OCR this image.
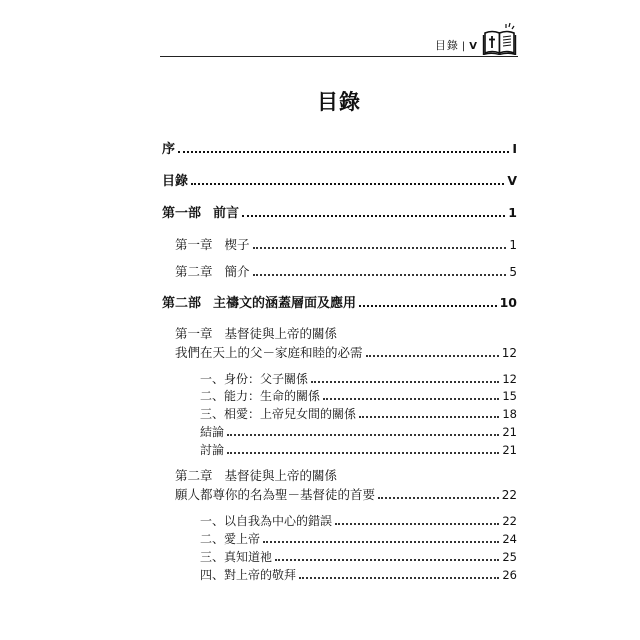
目錄 | V
目錄
序	I
目錄	V
第一部 前言	1
第一章 楔子	1
第二章 簡介	5
第二部 主禱文的涵蓋層面及應用	10
第一章 基督徒與上帝的關係
我們在天上的父－家庭和睦的必需	12
一、身份：父子關係	12
二、能力：生命的關係	15
三、相愛：上帝兒女間的關係	18
結論	21
討論	21
第二章 基督徒與上帝的關係
願人都尊你的名為聖－基督徒的首要	22
一、以自我為中心的錯誤	22
二、愛上帝	24
三、真知道祂	25
四、對上帝的敬拜	26
